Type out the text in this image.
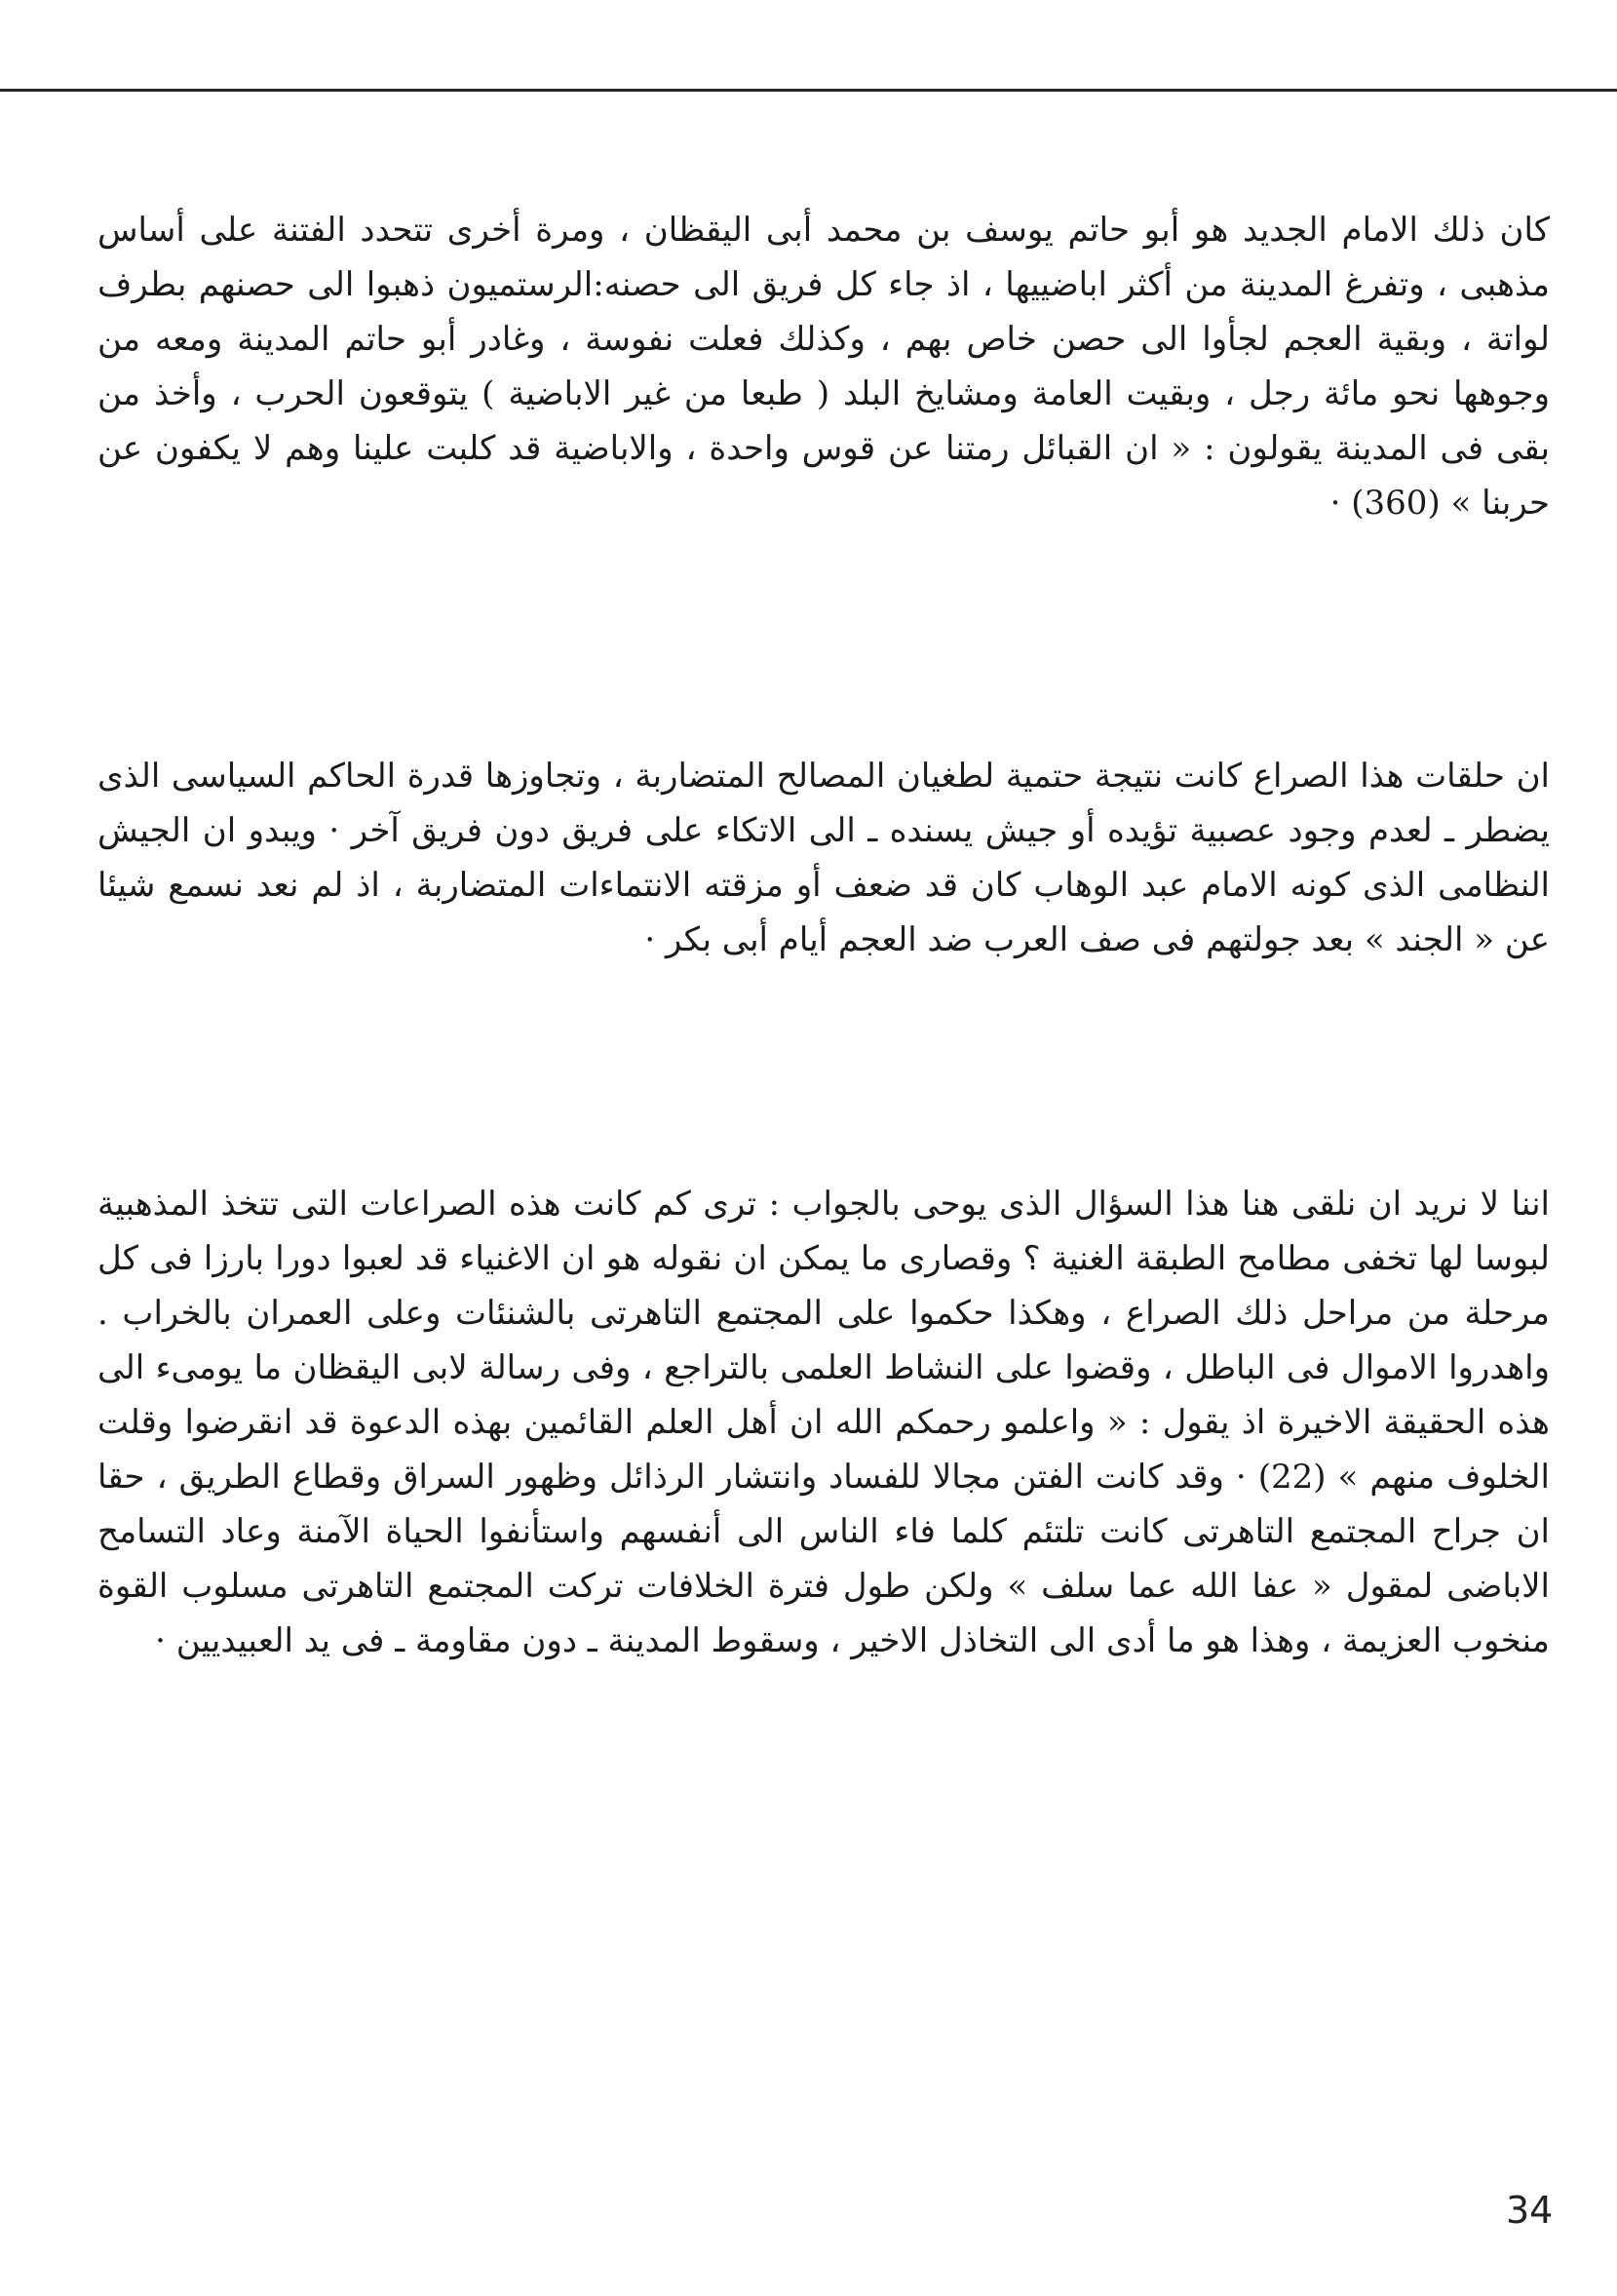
كان ذلك الامام الجديد هو أبو حاتم يوسف بن محمد أبى اليقظان ، ومرة أخرى تتحدد الفتنة على أساس مذهبى ، وتفرغ المدينة من أكثر اباضييها ، اذ جاء كل فريق الى حصنه:الرستميون ذهبوا الى حصنهم بطرف لواتة ، وبقية العجم لجأوا الى حصن خاص بهم ، وكذلك فعلت نفوسة ، وغادر أبو حاتم المدينة ومعه من وجوهها نحو مائة رجل ، وبقيت العامة ومشايخ البلد ( طبعا من غير الاباضية ) يتوقعون الحرب ، وأخذ من بقى فى المدينة يقولون : « ان القبائل رمتنا عن قوس واحدة ، والاباضية قد كلبت علينا وهم لا يكفون عن حربنا » (360) ·

ان حلقات هذا الصراع كانت نتيجة حتمية لطغيان المصالح المتضاربة ، وتجاوزها قدرة الحاكم السياسى الذى يضطر ـ لعدم وجود عصبية تؤيده أو جيش يسنده ـ الى الاتكاء على فريق دون فريق آخر · ويبدو ان الجيش النظامى الذى كونه الامام عبد الوهاب كان قد ضعف أو مزقته الانتماءات المتضاربة ، اذ لم نعد نسمع شيئا عن « الجند » بعد جولتهم فى صف العرب ضد العجم أيام أبى بكر ·

اننا لا نريد ان نلقى هنا هذا السؤال الذى يوحى بالجواب : ترى كم كانت هذه الصراعات التى تتخذ المذهبية لبوسا لها تخفى مطامح الطبقة الغنية ؟ وقصارى ما يمكن ان نقوله هو ان الاغنياء قد لعبوا دورا بارزا فى كل مرحلة من مراحل ذلك الصراع ، وهكذا حكموا على المجتمع التاهرتى بالشنئات وعلى العمران بالخراب . واهدروا الاموال فى الباطل ، وقضوا على النشاط العلمى بالتراجع ، وفى رسالة لابى اليقظان ما يومىء الى هذه الحقيقة الاخيرة اذ يقول : « واعلمو رحمكم الله ان أهل العلم القائمين بهذه الدعوة قد انقرضوا وقلت الخلوف منهم » (22) · وقد كانت الفتن مجالا للفساد وانتشار الرذائل وظهور السراق وقطاع الطريق ، حقا ان جراح المجتمع التاهرتى كانت تلتئم كلما فاء الناس الى أنفسهم واستأنفوا الحياة الآمنة وعاد التسامح الاباضى لمقول « عفا الله عما سلف » ولكن طول فترة الخلافات تركت المجتمع التاهرتى مسلوب القوة منخوب العزيمة ، وهذا هو ما أدى الى التخاذل الاخير ، وسقوط المدينة ـ دون مقاومة ـ فى يد العبيديين ·

34
